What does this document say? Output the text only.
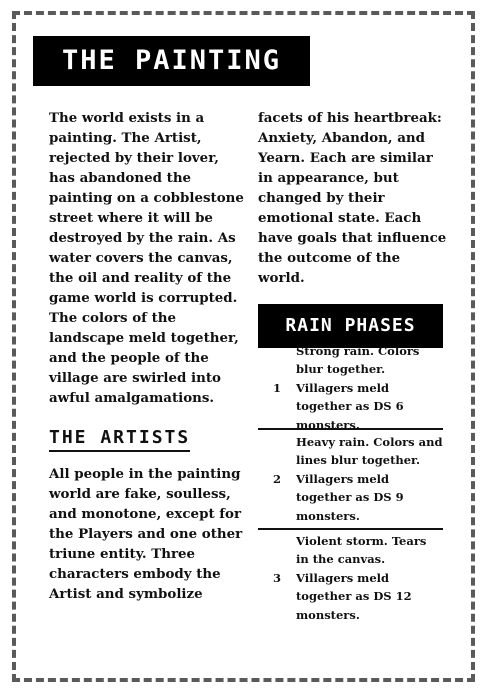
THE PAINTING

The world exists in a painting. The Artist, rejected by their lover, has abandoned the painting on a cobblestone street where it will be destroyed by the rain. As water covers the canvas, the oil and reality of the game world is corrupted. The colors of the landscape meld together, and the people of the village are swirled into awful amalgamations.

THE ARTISTS

All people in the painting world are fake, soulless, and monotone, except for the Players and one other triune entity. Three characters embody the Artist and symbolize

facets of his heartbreak: Anxiety, Abandon, and Yearn. Each are similar in appearance, but changed by their emotional state. Each have goals that influence the outcome of the world.

RAIN PHASES
1
Strong rain. Colors blur together. Villagers meld together as DS 6 monsters.
2
Heavy rain. Colors and lines blur together. Villagers meld together as DS 9 monsters.
3
Violent storm. Tears in the canvas. Villagers meld together as DS 12 monsters.
